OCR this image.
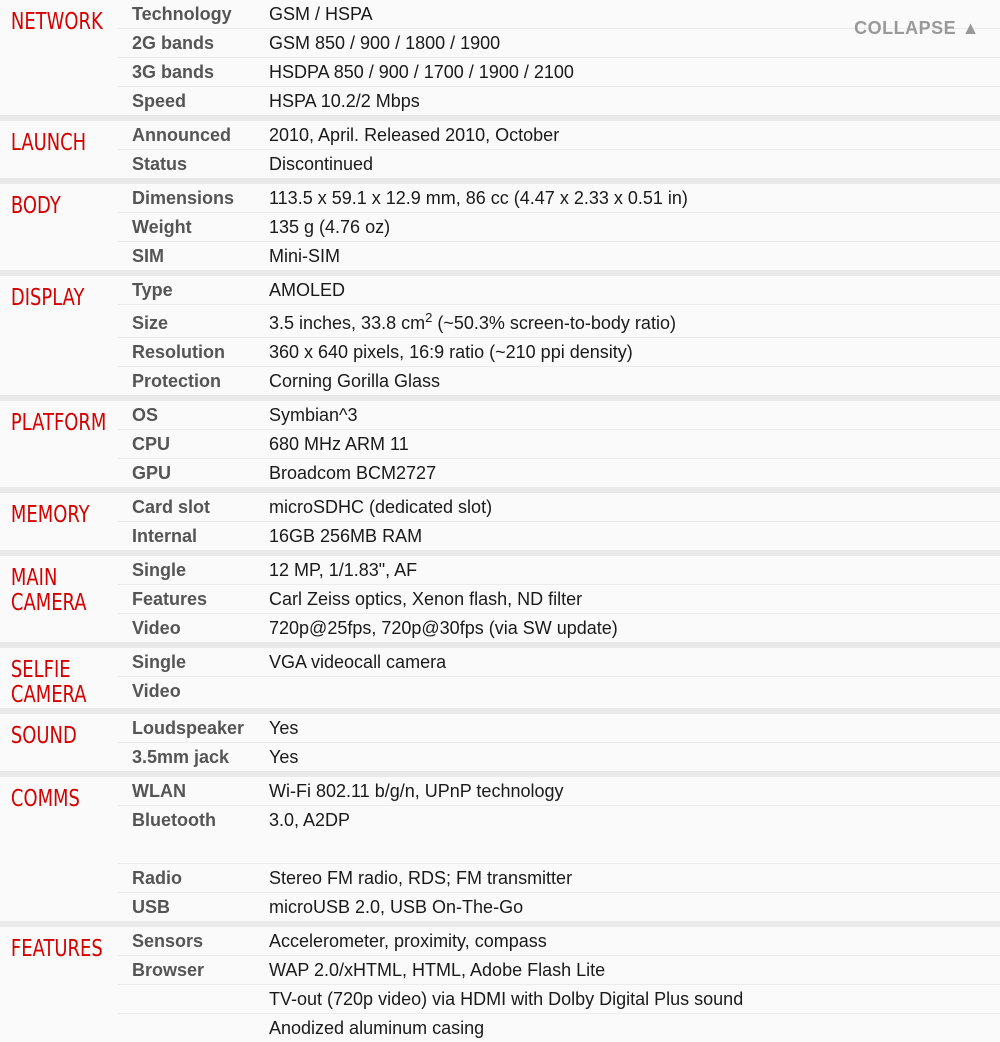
COLLAPSE ▲
NETWORK	Technology	GSM / HSPA
2G bands	GSM 850 / 900 / 1800 / 1900
3G bands	HSDPA 850 / 900 / 1700 / 1900 / 2100
Speed	HSPA 10.2/2 Mbps
LAUNCH	Announced	2010, April. Released 2010, October
Status	Discontinued
BODY	Dimensions	113.5 x 59.1 x 12.9 mm, 86 cc (4.47 x 2.33 x 0.51 in)
Weight	135 g (4.76 oz)
SIM	Mini-SIM
DISPLAY	Type	AMOLED
Size	3.5 inches, 33.8 $cm^2$ (~50.3% screen-to-body ratio)
Resolution	360 x 640 pixels, 16:9 ratio (~210 ppi density)
Protection	Corning Gorilla Glass
PLATFORM	OS	Symbian^3
CPU	680 MHz ARM 11
GPU	Broadcom BCM2727
MEMORY	Card slot	microSDHC (dedicated slot)
Internal	16GB 256MB RAM
MAIN
CAMERA
Single	12 MP, 1/1.83", AF
Features	Carl Zeiss optics, Xenon flash, ND filter
Video	720p@25fps, 720p@30fps (via SW update)
SELFIE
CAMERA
Single	VGA videocall camera
Video
SOUND	Loudspeaker	Yes
3.5mm jack	Yes
COMMS	WLAN	Wi-Fi 802.11 b/g/n, UPnP technology
Bluetooth	3.0, A2DP
Radio	Stereo FM radio, RDS; FM transmitter
USB	microUSB 2.0, USB On-The-Go
FEATURES	Sensors	Accelerometer, proximity, compass
Browser	WAP 2.0/xHTML, HTML, Adobe Flash Lite
TV-out (720p video) via HDMI with Dolby Digital Plus sound
Anodized aluminum casing
